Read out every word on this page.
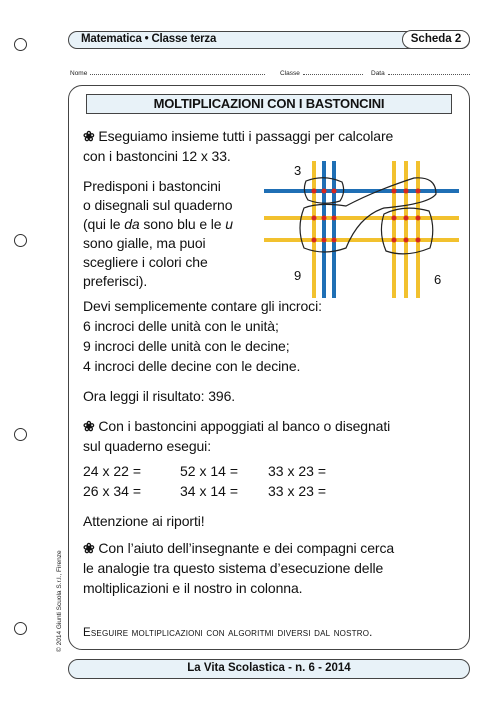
Matematica • Classe terza	Scheda 2
Nome	Classe	Data
MOLTIPLICAZIONI CON I BASTONCINI
❀ Eseguiamo insieme tutti i passaggi per calcolare
con i bastoncini 12 x 33.
Predisponi i bastoncini
o disegnali sul quaderno
(qui le da sono blu e le u
sono gialle, ma puoi
scegliere i colori che
preferisci).
3
9	6
Devi semplicemente contare gli incroci:
6 incroci delle unità con le unità;
9 incroci delle unità con le decine;
4 incroci delle decine con le decine.
Ora leggi il risultato: 396.
❀ Con i bastoncini appoggiati al banco o disegnati
sul quaderno esegui:
24 x 22 =	52 x 14 = 33 x 23 =
26 x 34 =	34 x 14 = 33 x 23 =
Attenzione ai riporti!
❀ Con l’aiuto dell’insegnante e dei compagni cerca
le analogie tra questo sistema d’esecuzione delle
moltiplicazioni e il nostro in colonna.
Eseguire moltiplicazioni con algoritmi diversi dal nostro.
© 2014 Giunti Scuola S.r.l., Firenze
La Vita Scolastica - n. 6 - 2014
